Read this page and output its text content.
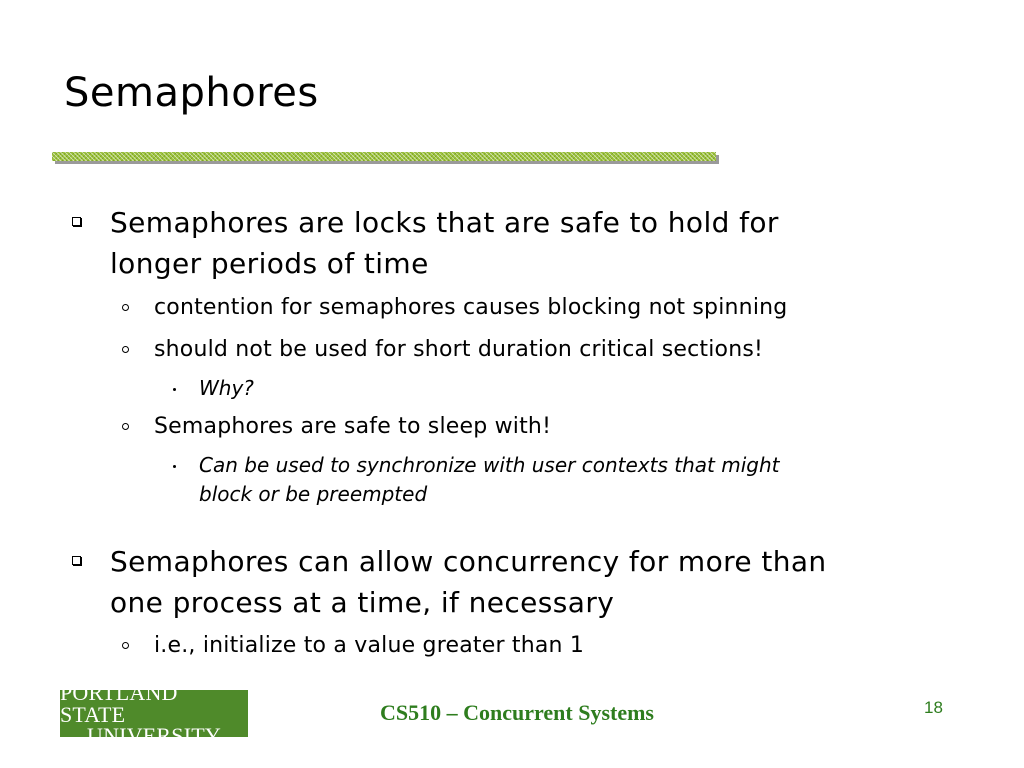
Semaphores
Semaphores are locks that are safe to hold for
longer periods of time
contention for semaphores causes blocking not spinning
should not be used for short duration critical sections!
Why?
Semaphores are safe to sleep with!
Can be used to synchronize with user contexts that might
block or be preempted
Semaphores can allow concurrency for more than
one process at a time, if necessary
i.e., initialize to a value greater than 1
PORTLAND STATE
UNIVERSITY
CS510 – Concurrent Systems	18
